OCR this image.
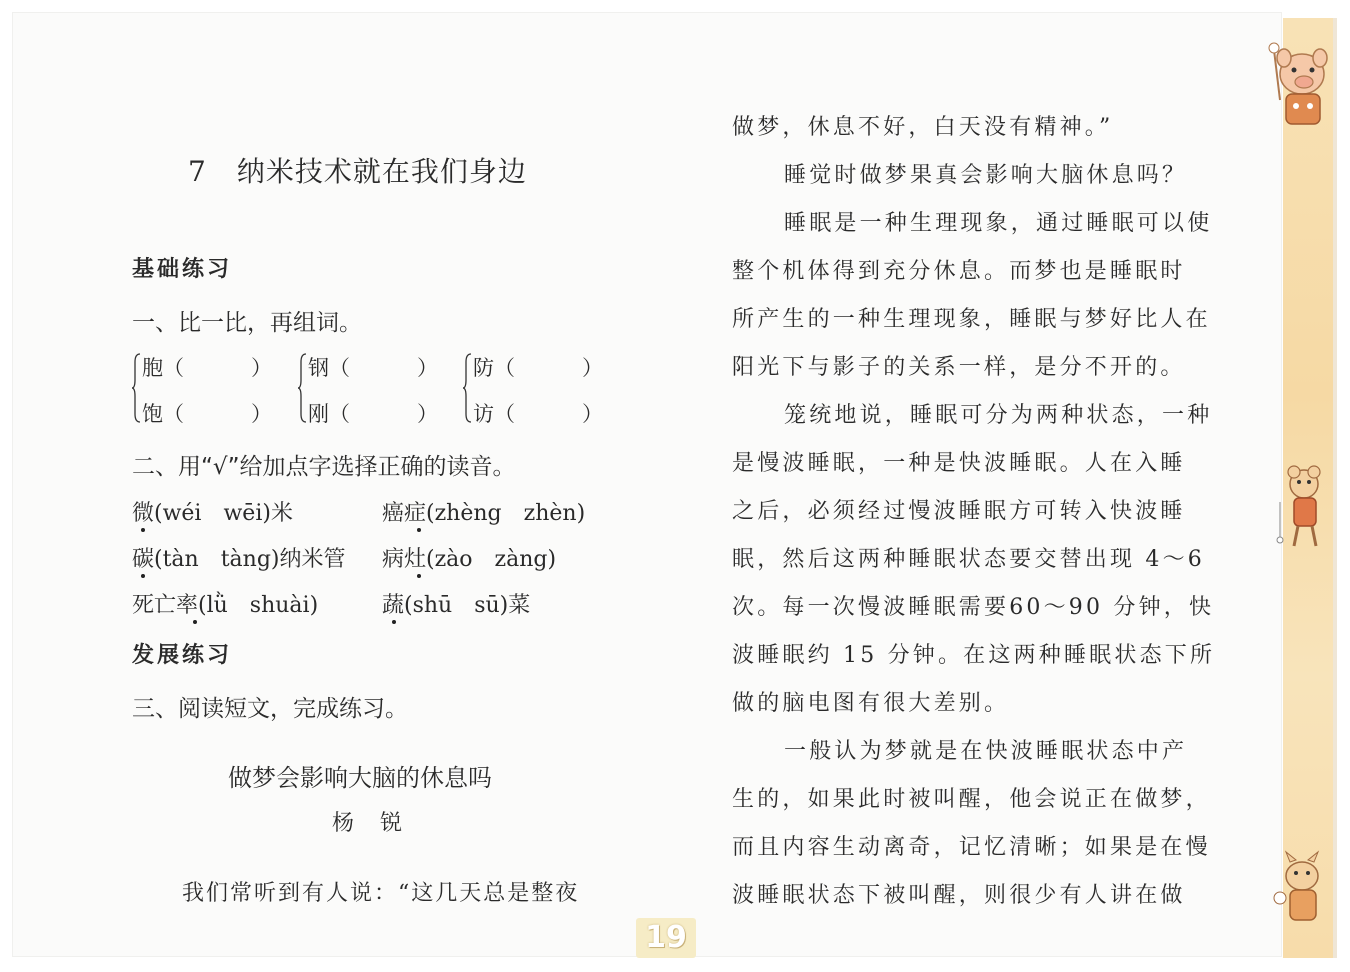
7 纳米技术就在我们身边
基础练习
一、比一比，再组词。
胞（	）
饱（	）
钢（	）
刚（	）
防（	）
访（	）
二、用“√”给加点字选择正确的读音。
微(wéi　wēi)米	癌症(zhèng　zhèn)
碳(tàn　tàng)纳米管 病灶(zào　zàng)
死亡率(lǜ　shuài)	蔬(shū　sū)菜
发展练习
三、阅读短文，完成练习。
做梦会影响大脑的休息吗
杨锐
我们常听到有人说：“这几天总是整夜
做梦，休息不好，白天没有精神。”
睡觉时做梦果真会影响大脑休息吗？
睡眠是一种生理现象，通过睡眠可以使
整个机体得到充分休息。而梦也是睡眠时
所产生的一种生理现象，睡眠与梦好比人在
阳光下与影子的关系一样，是分不开的。
笼统地说，睡眠可分为两种状态，一种
是慢波睡眠，一种是快波睡眠。人在入睡
之后，必须经过慢波睡眠方可转入快波睡
眠，然后这两种睡眠状态要交替出现 4～6
次。每一次慢波睡眠需要60～90 分钟，快
波睡眠约 15 分钟。在这两种睡眠状态下所
做的脑电图有很大差别。
一般认为梦就是在快波睡眠状态中产
生的，如果此时被叫醒，他会说正在做梦，
而且内容生动离奇，记忆清晰；如果是在慢
波睡眠状态下被叫醒，则很少有人讲在做
19
